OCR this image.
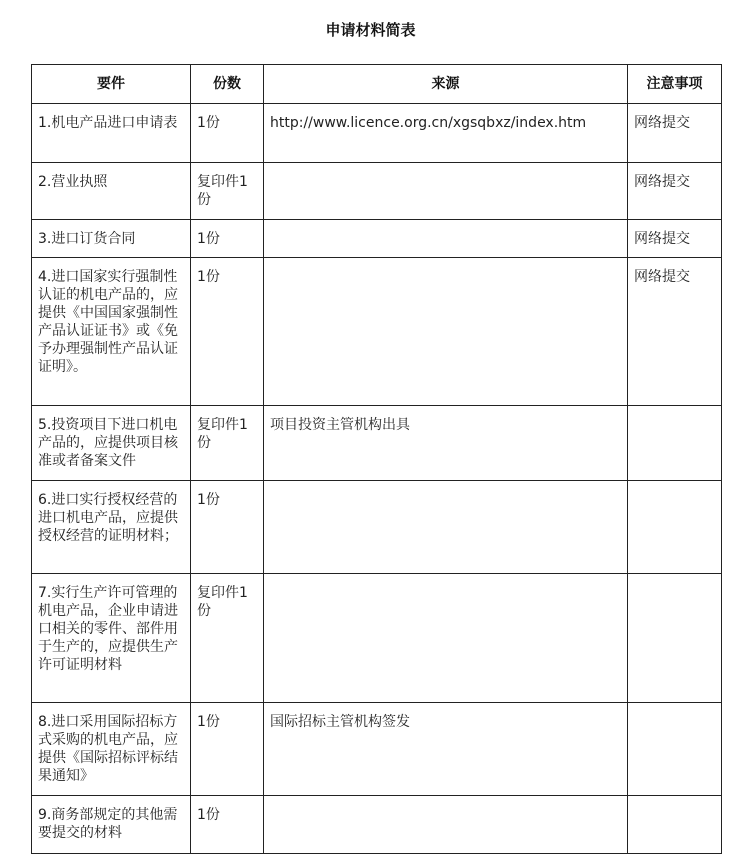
申请材料简表
要件	份数	来源	注意事项
1.机电产品进口申请表	1份	http://www.licence.org.cn/xgsqbxz/index.htm	网络提交
2.营业执照	复印件1份		网络提交
3.进口订货合同	1份		网络提交
4.进口国家实行强制性认证的机电产品的，应提供《中国国家强制性产品认证证书》或《免予办理强制性产品认证证明》。	1份		网络提交
5.投资项目下进口机电产品的，应提供项目核准或者备案文件	复印件1份	项目投资主管机构出具	
6.进口实行授权经营的进口机电产品，应提供授权经营的证明材料；	1份		
7.实行生产许可管理的机电产品，企业申请进口相关的零件、部件用于生产的，应提供生产许可证明材料	复印件1份		
8.进口采用国际招标方式采购的机电产品，应提供《国际招标评标结果通知》	1份	国际招标主管机构签发	
9.商务部规定的其他需要提交的材料	1份		
